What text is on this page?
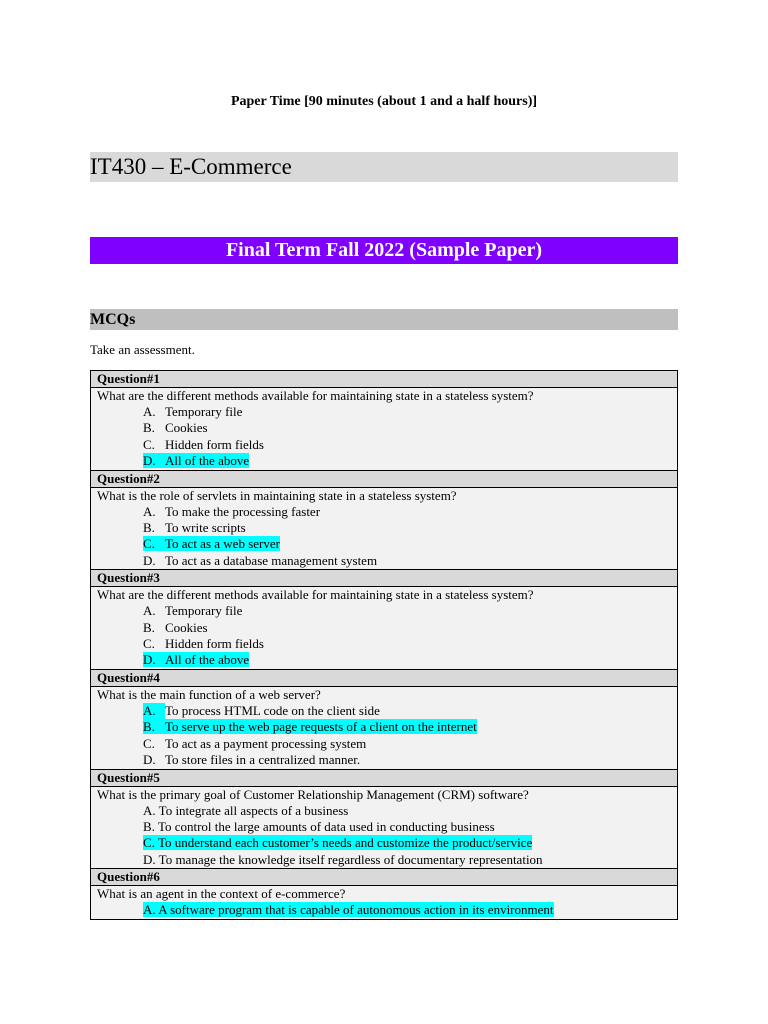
Paper Time [90 minutes (about 1 and a half hours)]
IT430 – E-Commerce
Final Term Fall 2022 (Sample Paper)
MCQs
Take an assessment.
Question#1

What are the different methods available for maintaining state in a stateless system?
A. Temporary file
B. Cookies
C. Hidden form fields
D. All of the above

Question#2

What is the role of servlets in maintaining state in a stateless system?
A. To make the processing faster
B. To write scripts
C. To act as a web server
D. To act as a database management system

Question#3

What are the different methods available for maintaining state in a stateless system?
A. Temporary file
B. Cookies
C. Hidden form fields
D. All of the above

Question#4

What is the main function of a web server?
A. To process HTML code on the client side
B. To serve up the web page requests of a client on the internet
C. To act as a payment processing system
D. To store files in a centralized manner.

Question#5

What is the primary goal of Customer Relationship Management (CRM) software?
A. To integrate all aspects of a business
B. To control the large amounts of data used in conducting business
C. To understand each customer’s needs and customize the product/service
D. To manage the knowledge itself regardless of documentary representation

Question#6

What is an agent in the context of e-commerce?
A. A software program that is capable of autonomous action in its environment
